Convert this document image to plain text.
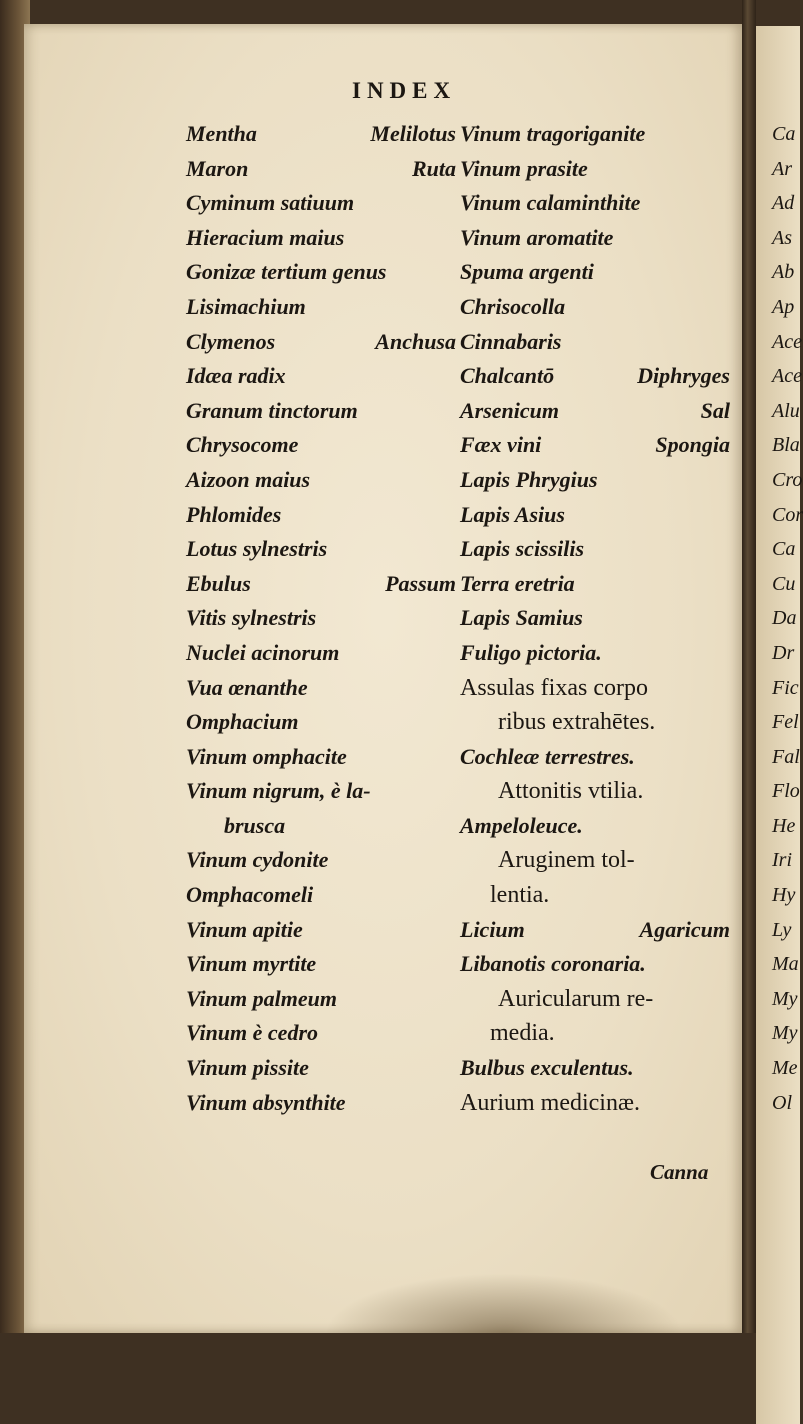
Ca
Ar
Ad
As
Ab
Ap
Ace
Ace
Alu
Bla
Cro
Cor
Ca
Cu
Da
Dr
Fic
Fel
Fal
Flo
He
Iri
Hy
Ly
Ma
My
My
Me
Ol
INDEX
Mentha	Melilotus
Maron	Ruta
Cyminum satiuum
Hieracium maius
Gonizæ tertium genus
Lisimachium
Clymenos	Anchusa
Idæa radix
Granum tinctorum
Chrysocome
Aizoon maius
Phlomides
Lotus sylnestris
Ebulus	Passum
Vitis sylnestris
Nuclei acinorum
Vua œnanthe
Omphacium
Vinum omphacite
Vinum nigrum, è la-
brusca
Vinum cydonite
Omphacomeli
Vinum apitie
Vinum myrtite
Vinum palmeum
Vinum è cedro
Vinum pissite
Vinum absynthite
Vinum tragoriganite
Vinum prasite
Vinum calaminthite
Vinum aromatite
Spuma argenti
Chrisocolla
Cinnabaris
Chalcantō	Diphryges
Arsenicum	Sal
Fæx vini	Spongia
Lapis Phrygius
Lapis Asius
Lapis scissilis
Terra eretria
Lapis Samius
Fuligo pictoria.
Assulas fixas corpo
ribus extrahētes.
Cochleæ terrestres.
Attonitis vtilia.
Ampeloleuce.
Aruginem tol-
lentia.
Licium	Agaricum
Libanotis coronaria.
Auricularum re-
media.
Bulbus exculentus.
Aurium medicinæ.
Canna
